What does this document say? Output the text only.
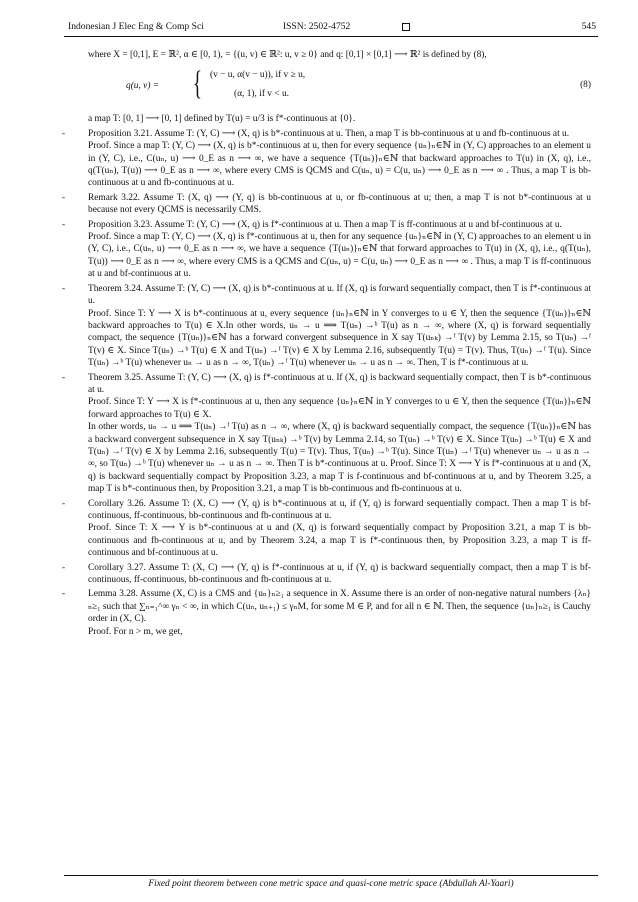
Indonesian J Elec Eng & Comp Sci	ISSN: 2502-4752	545

where X = [0,1], E = ℝ², α ∈ [0, 1), = {(u, v) ∈ ℝ²: u, v ≥ 0} and q: [0,1] × [0,1] ⟶ ℝ² is defined by (8),

q(u, v) = { (v − u, α(v − u)), if v ≥ u,
(α, 1), if v < u.
(8)

a map T: [0, 1] ⟶ [0, 1] defined by T(u) = u/3 is f*-continuous at {0}.

- Proposition 3.21. Assume T: (Y, C) ⟶ (X, q) is b*-continuous at u. Then, a map T is bb-continuous at u and fb-continuous at u.

Proof. Since a map T: (Y, C) ⟶ (X, q) is b*-continuous at u, then for every sequence {uₙ}ₙ∈ℕ in (Y, C) approaches to an element u in (Y, C), i.e., C(uₙ, u) ⟶ 0_E as n ⟶ ∞, we have a sequence {T(uₙ)}ₙ∈ℕ that backward approaches to T(u) in (X, q), i.e., q(T(uₙ), T(u)) ⟶ 0_E as n ⟶ ∞, where every CMS is QCMS and C(uₙ, u) = C(u, uₙ) ⟶ 0_E as n ⟶ ∞ . Thus, a map T is bb-continuous at u and fb-continuous at u.

- Remark 3.22. Assume T: (X, q) ⟶ (Y, q) is bb-continuous at u, or fb-continuous at u; then, a map T is not b*-continuous at u because not every QCMS is necessarily CMS.

- Proposition 3.23. Assume T: (Y, C) ⟶ (X, q) is f*-continuous at u. Then a map T is ff-continuous at u and bf-continuous at u.

Proof. Since a map T: (Y, C) ⟶ (X, q) is f*-continuous at u, then for any sequence {uₙ}ₙ∈ℕ in (Y, C) approaches to an element u in (Y, C), i.e., C(uₙ, u) ⟶ 0_E as n ⟶ ∞, we have a sequence {T(uₙ)}ₙ∈ℕ that forward approaches to T(u) in (X, q), i.e., q(T(uₙ), T(u)) ⟶ 0_E as n ⟶ ∞, where every CMS is a QCMS and C(uₙ, u) = C(u, uₙ) ⟶ 0_E as n ⟶ ∞ . Thus, a map T is ff-continuous at u and bf-continuous at u.

- Theorem 3.24. Assume T: (Y, C) ⟶ (X, q) is b*-continuous at u. If (X, q) is forward sequentially compact, then T is f*-continuous at u.

Proof. Since T: Y ⟶ X is b*-continuous at u, every sequence {uₙ}ₙ∈ℕ in Y converges to u ∈ Y, then the sequence {T(uₙ)}ₙ∈ℕ backward approaches to T(u) ∈ X.In other words, uₙ → u ⟹ T(uₙ) →ᵇ T(u) as n → ∞, where (X, q) is forward sequentially compact, the sequence {T(uₙ)}ₙ∈ℕ has a forward convergent subsequence in X say T(uₙₖ) →ᶠ T(v) by Lemma 2.15, so T(uₙ) →ᶠ T(v) ∈ X. Since T(uₙ) →ᵇ T(u) ∈ X and T(uₙ) →ᶠ T(v) ∈ X by Lemma 2.16, subsequently T(u) = T(v). Thus, T(uₙ) →ᶠ T(u). Since T(uₙ) →ᵇ T(u) whenever uₙ → u as n → ∞, T(uₙ) →ᶠ T(u) whenever uₙ → u as n → ∞. Then, T is f*-continuous at u.

- Theorem 3.25. Assume T: (Y, C) ⟶ (X, q) is f*-continuous at u. If (X, q) is backward sequentially compact, then T is b*-continuous at u.

Proof. Since T: Y ⟶ X is f*-continuous at u, then any sequence {uₙ}ₙ∈ℕ in Y converges to u ∈ Y, then the sequence {T(uₙ)}ₙ∈ℕ forward approaches to T(u) ∈ X.

In other words, uₙ → u ⟹ T(uₙ) →ᶠ T(u) as n → ∞, where (X, q) is backward sequentially compact, the sequence {T(uₙ)}ₙ∈ℕ has a backward convergent subsequence in X say T(uₙₖ) →ᵇ T(v) by Lemma 2.14, so T(uₙ) →ᵇ T(v) ∈ X. Since T(uₙ) →ᵇ T(u) ∈ X and T(uₙ) →ᶠ T(v) ∈ X by Lemma 2.16, subsequently T(u) = T(v). Thus, T(uₙ) →ᵇ T(u). Since T(uₙ) →ᶠ T(u) whenever uₙ → u as n → ∞, so T(uₙ) →ᵇ T(u) whenever uₙ → u as n → ∞. Then T is b*-continuous at u. Proof. Since T: X ⟶ Y is f*-continuous at u and (X, q) is backward sequentially compact by Proposition 3.23, a map T is f-continuous and bf-continuous at u, and by Theorem 3.25, a map T is b*-continuous then, by Proposition 3.21, a map T is bb-continuous and fb-continuous at u.

- Corollary 3.26. Assume T: (X, C) ⟶ (Y, q) is b*-continuous at u, if (Y, q) is forward sequentially compact. Then a map T is bf-continuous, ff-continuous, bb-continuous and fb-continuous at u.

Proof. Since T: X ⟶ Y is b*-continuous at u and (X, q) is forward sequentially compact by Proposition 3.21, a map T is bb-continuous and fb-continuous at u, and by Theorem 3.24, a map T is f*-continuous then, by Proposition 3.23, a map T is ff-continuous and bf-continuous at u.

- Corollary 3.27. Assume T: (X, C) ⟶ (Y, q) is f*-continuous at u, if (Y, q) is backward sequentially compact, then a map T is bf-continuous, ff-continuous, bb-continuous and fb-continuous at u.

- Lemma 3.28. Assume (X, C) is a CMS and {uₙ}ₙ≥₁ a sequence in X. Assume there is an order of non-negative natural numbers {λₙ}ₙ≥₁ such that ∑ₙ₌₁^∞ γₙ < ∞, in which C(uₙ, uₙ₊₁) ≤ γₙM, for some M ∈ P, and for all n ∈ ℕ. Then, the sequence {uₙ}ₙ≥₁ is Cauchy order in (X, C).

Proof. For n > m, we get,

Fixed point theorem between cone metric space and quasi-cone metric space (Abdullah Al-Yaari)
